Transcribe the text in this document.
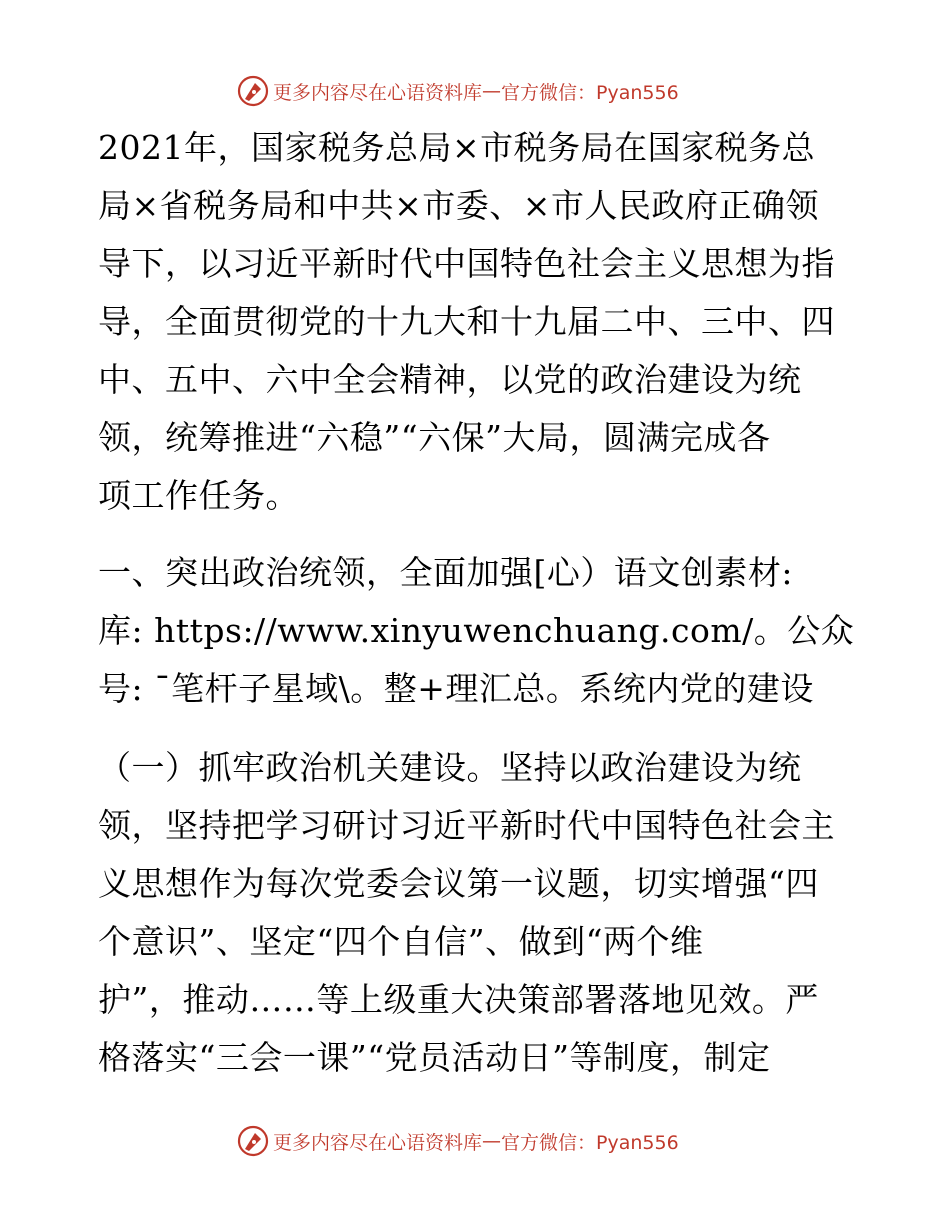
更多内容尽在心语资料库 — 官方微信：Pyan556
2021年，国家税务总局×市税务局在国家税务总
局×省税务局和中共×市委、×市人民政府正确领
导下，以习近平新时代中国特色社会主义思想为指
导，全面贯彻党的十九大和十九届二中、三中、四
中、五中、六中全会精神，以党的政治建设为统
领，统筹推进“六稳”“六保”大局，圆满完成各
项工作任务。
一、突出政治统领，全面加强[心）语文创素材:
库: https://www.xinyuwenchuang.com/。公众
号: ¯笔杆子星域\。整+理汇总。系统内党的建设
（一）抓牢政治机关建设。坚持以政治建设为统
领，坚持把学习研讨习近平新时代中国特色社会主
义思想作为每次党委会议第一议题，切实增强“四
个意识”、坚定“四个自信”、做到“两个维
护”，推动……等上级重大决策部署落地见效。严
格落实“三会一课”“党员活动日”等制度，制定
更多内容尽在心语资料库 — 官方微信：Pyan556
